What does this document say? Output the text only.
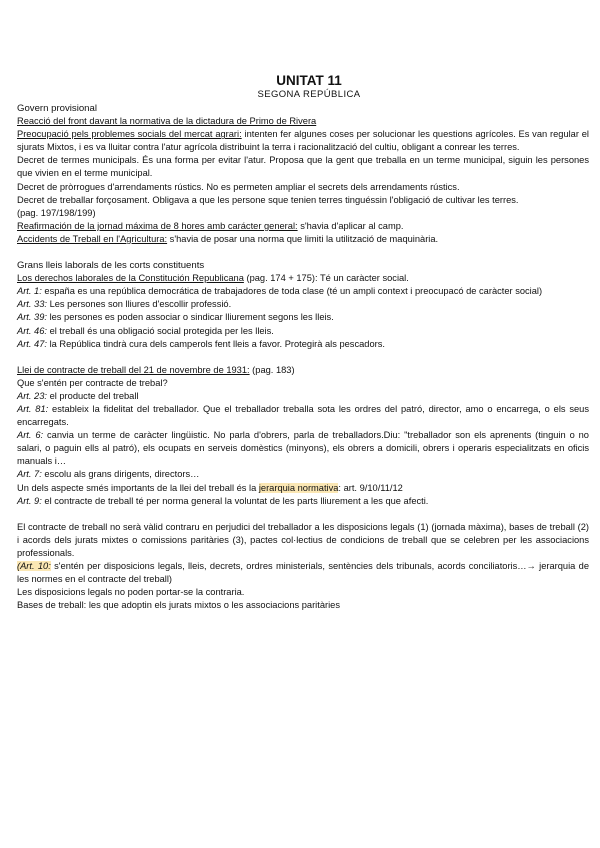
UNITAT 11
SEGONA REPÚBLICA

Govern provisional

Reacció del front davant la normativa de la dictadura de Primo de Rivera

Preocupació pels problemes socials del mercat agrari: intenten fer algunes coses per solucionar les questions agrícoles. Es van regular el sjurats Mixtos, i es va lluitar contra l'atur agrícola distribuint la terra i racionalització del cultiu, obligant a conrear les terres.

Decret de termes municipals. És una forma per evitar l'atur. Proposa que la gent que treballa en un terme municipal, siguin les persones que vivien en el terme municipal.

Decret de pròrrogues d'arrendaments rústics. No es permeten ampliar el secrets dels arrendaments rústics.

Decret de treballar forçosament. Obligava a que les persone sque tenien terres tinguéssin l'obligació de cultivar les terres.

(pag. 197/198/199)

Reafirmación de la jornad máxima de 8 hores amb carácter general: s'havia d'aplicar al camp.

Accidents de Treball en l'Agricultura: s'havia de posar una norma que limiti la utilització de maquinària.

Grans lleis laborals de les corts constituents

Los derechos laborales de la Constitución Republicana (pag. 174 + 175): Té un caràcter social.

Art. 1: españa es una república democrática de trabajadores de toda clase (té un ampli context i preocupacó de caràcter social)

Art. 33: Les persones son lliures d'escollir professió.

Art. 39: les persones es poden associar o sindicar lliurement segons les lleis.

Art. 46: el treball és una obligació social protegida per les lleis.

Art. 47: la República tindrà cura dels camperols fent lleis a favor. Protegirà als pescadors.

Llei de contracte de treball del 21 de novembre de 1931: (pag. 183)

Que s'entén per contracte de trebal?

Art. 23: el producte del treball

Art. 81: estableix la fidelitat del treballador. Que el treballador treballa sota les ordres del patró, director, amo o encarrega, o els seus encarregats.

Art. 6: canvia un terme de caràcter lingüistic. No parla d'obrers, parla de treballadors.Diu: "treballador son els aprenents (tinguin o no salari, o paguin ells al patró), els ocupats en serveis domèstics (minyons), els obrers a domicili, obrers i operaris especialitzats en oficis manuals i…

Art. 7: escolu als grans dirigents, directors…

Un dels aspecte smés importants de la llei del treball és la jerarquia normativa: art. 9/10/11/12

Art. 9: el contracte de treball té per norma general la voluntat de les parts lliurement a les que afecti.

El contracte de treball no serà vàlid contraru en perjudici del treballador a les disposicions legals (1) (jornada màxima), bases de treball (2) i acords dels jurats mixtes o comissions paritàries (3), pactes col·lectius de condicions de treball que se celebren per les associacions professionals.

(Art. 10: s'entén per disposicions legals, lleis, decrets, ordres ministerials, sentències dels tribunals, acords conciliatoris…→ jerarquia de les normes en el contracte del treball)

Les disposicions legals no poden portar-se la contraria.

Bases de treball: les que adoptin els jurats mixtos o les associacions paritàries
